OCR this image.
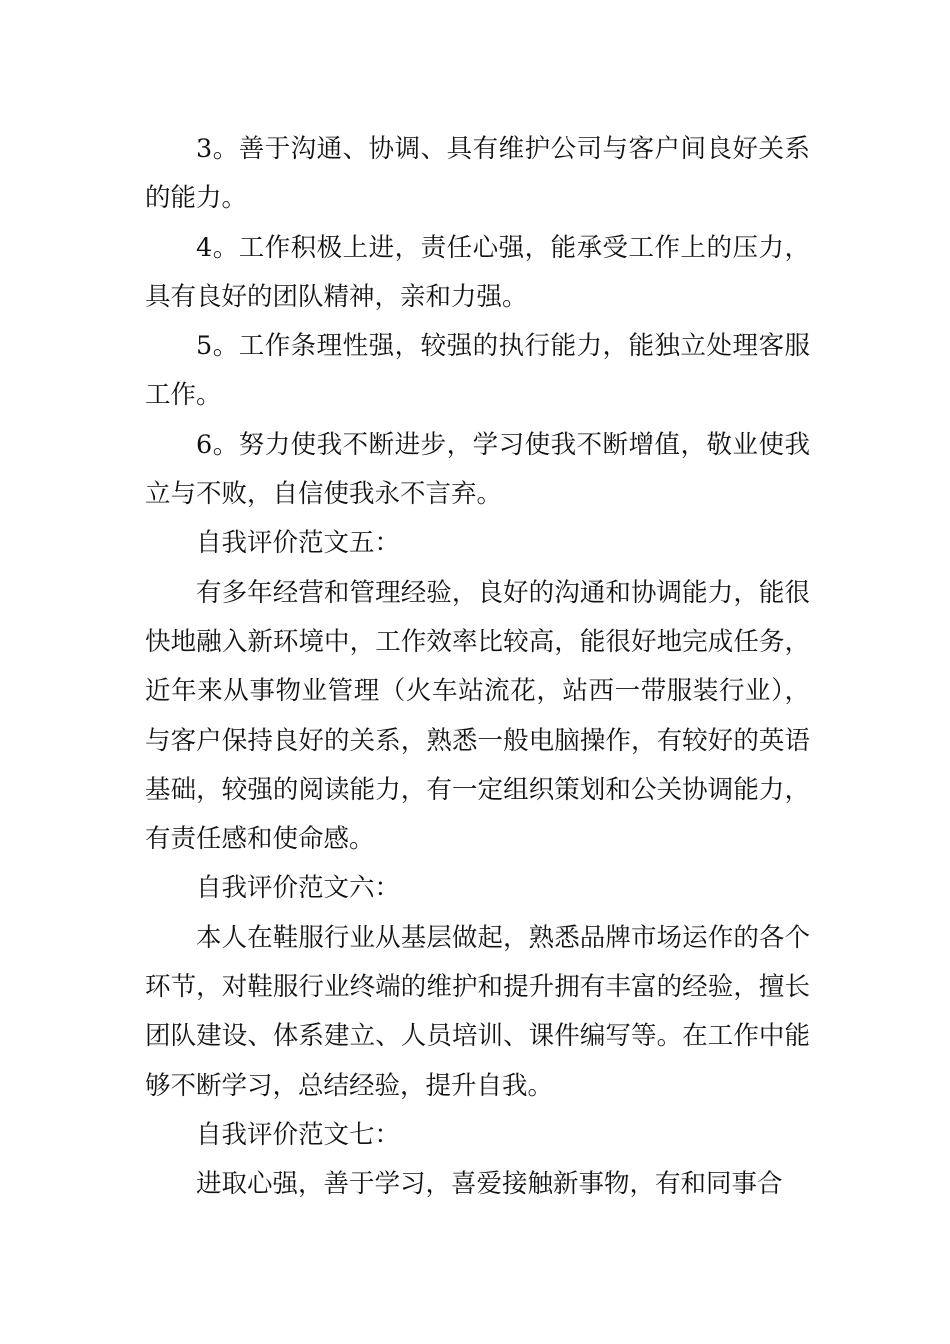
3。善于沟通、协调、具有维护公司与客户间良好关系的能力。

4。工作积极上进，责任心强，能承受工作上的压力，具有良好的团队精神，亲和力强。

5。工作条理性强，较强的执行能力，能独立处理客服工作。

6。努力使我不断进步，学习使我不断增值，敬业使我立与不败，自信使我永不言弃。

自我评价范文五：

有多年经营和管理经验，良好的沟通和协调能力，能很快地融入新环境中，工作效率比较高，能很好地完成任务，近年来从事物业管理（火车站流花，站西一带服装行业），与客户保持良好的关系，熟悉一般电脑操作，有较好的英语基础，较强的阅读能力，有一定组织策划和公关协调能力，有责任感和使命感。

自我评价范文六：

本人在鞋服行业从基层做起，熟悉品牌市场运作的各个环节，对鞋服行业终端的维护和提升拥有丰富的经验，擅长团队建设、体系建立、人员培训、课件编写等。在工作中能够不断学习，总结经验，提升自我。

自我评价范文七：

进取心强，善于学习，喜爱接触新事物，有和同事合
